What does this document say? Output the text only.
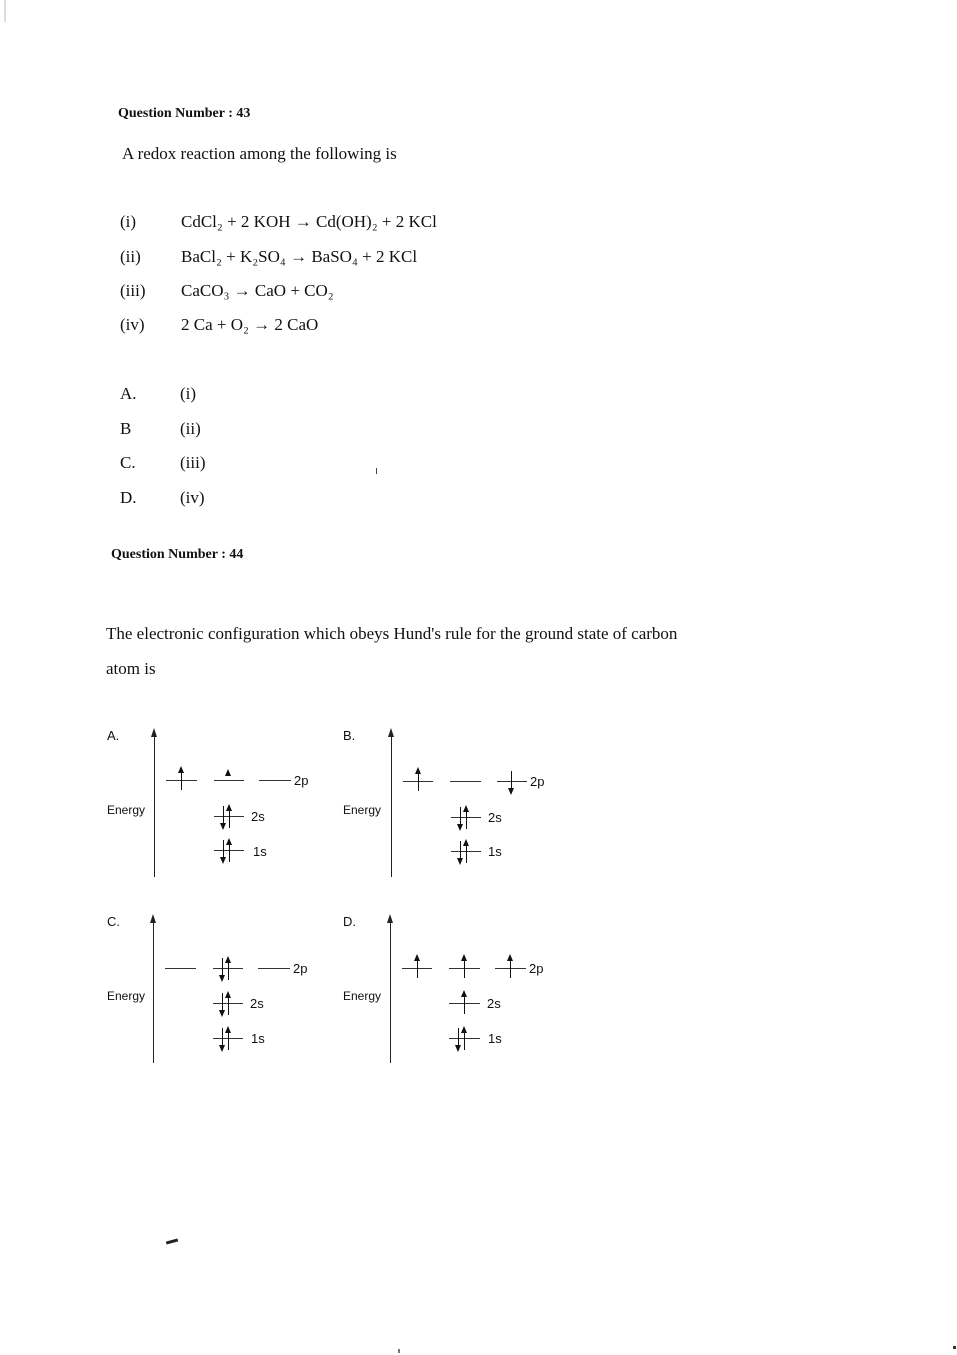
Question Number : 43
A redox reaction among the following is
(i)	CdCl₂ + 2 KOH → Cd(OH)₂ + 2 KCl
(ii) BaCl₂ + K₂SO₄ → BaSO₄ + 2 KCl
(iii) CaCO₃ → CaO + CO₂
(iv) 2 Ca + O₂ → 2 CaO
A.	(i)
B	(ii)
C.	(iii)
D.	(iv)
Question Number : 44
The electronic configuration which obeys Hund's rule for the ground state of carbon
atom is
A.
Energy
2p
2s
1s
B.
Energy
2p
2s
1s
C.
Energy
2p
2s
1s
D.
Energy
2p
2s
1s
